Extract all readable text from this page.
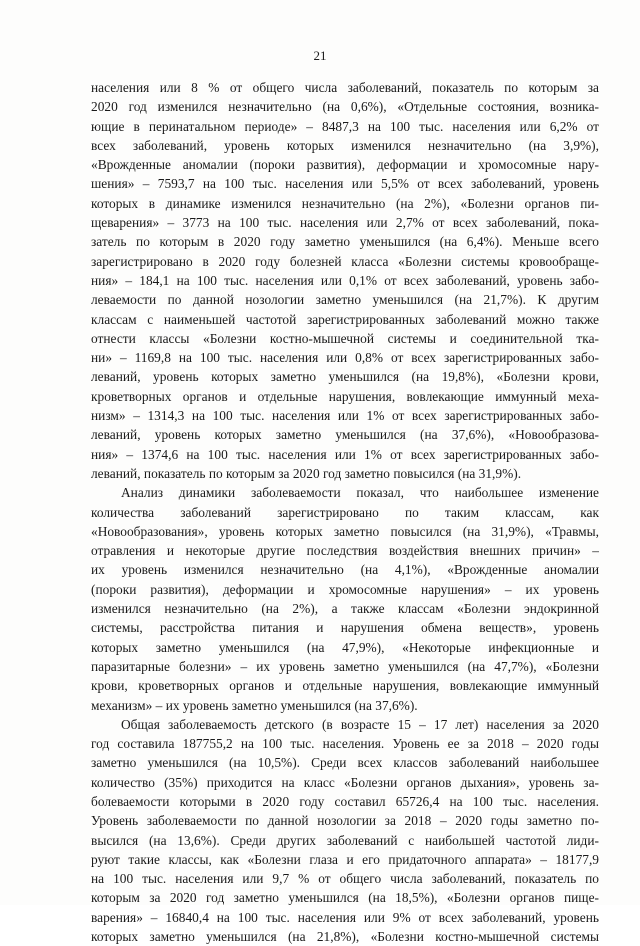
21
населения или 8 % от общего числа заболеваний, показатель по которым за
2020 год изменился незначительно (на 0,6%), «Отдельные состояния, возника-
ющие в перинатальном периоде» – 8487,3 на 100 тыс. населения или 6,2% от
всех заболеваний, уровень которых изменился незначительно (на 3,9%),
«Врожденные аномалии (пороки развития), деформации и хромосомные нару-
шения» – 7593,7 на 100 тыс. населения или 5,5% от всех заболеваний, уровень
которых в динамике изменился незначительно (на 2%), «Болезни органов пи-
щеварения» – 3773 на 100 тыс. населения или 2,7% от всех заболеваний, пока-
затель по которым в 2020 году заметно уменьшился (на 6,4%). Меньше всего
зарегистрировано в 2020 году болезней класса «Болезни системы кровообраще-
ния» – 184,1 на 100 тыс. населения или 0,1% от всех заболеваний, уровень забо-
леваемости по данной нозологии заметно уменьшился (на 21,7%). К другим
классам с наименьшей частотой зарегистрированных заболеваний можно также
отнести классы «Болезни костно-мышечной системы и соединительной тка-
ни» – 1169,8 на 100 тыс. населения или 0,8% от всех зарегистрированных забо-
леваний, уровень которых заметно уменьшился (на 19,8%), «Болезни крови,
кроветворных органов и отдельные нарушения, вовлекающие иммунный меха-
низм» – 1314,3 на 100 тыс. населения или 1% от всех зарегистрированных забо-
леваний, уровень которых заметно уменьшился (на 37,6%), «Новообразова-
ния» – 1374,6 на 100 тыс. населения или 1% от всех зарегистрированных забо-
леваний, показатель по которым за 2020 год заметно повысился (на 31,9%).
Анализ динамики заболеваемости показал, что наибольшее изменение
количества заболеваний зарегистрировано по таким классам, как
«Новообразования», уровень которых заметно повысился (на 31,9%), «Травмы,
отравления и некоторые другие последствия воздействия внешних причин» –
их уровень изменился незначительно (на 4,1%), «Врожденные аномалии
(пороки развития), деформации и хромосомные нарушения» – их уровень
изменился незначительно (на 2%), а также классам «Болезни эндокринной
системы, расстройства питания и нарушения обмена веществ», уровень
которых заметно уменьшился (на 47,9%), «Некоторые инфекционные и
паразитарные болезни» – их уровень заметно уменьшился (на 47,7%), «Болезни
крови, кроветворных органов и отдельные нарушения, вовлекающие иммунный
механизм» – их уровень заметно уменьшился (на 37,6%).
Общая заболеваемость детского (в возрасте 15 – 17 лет) населения за 2020
год составила 187755,2 на 100 тыс. населения. Уровень ее за 2018 – 2020 годы
заметно уменьшился (на 10,5%). Среди всех классов заболеваний наибольшее
количество (35%) приходится на класс «Болезни органов дыхания», уровень за-
болеваемости которыми в 2020 году составил 65726,4 на 100 тыс. населения.
Уровень заболеваемости по данной нозологии за 2018 – 2020 годы заметно по-
высился (на 13,6%). Среди других заболеваний с наибольшей частотой лиди-
руют такие классы, как «Болезни глаза и его придаточного аппарата» – 18177,9
на 100 тыс. населения или 9,7 % от общего числа заболеваний, показатель по
которым за 2020 год заметно уменьшился (на 18,5%), «Болезни органов пище-
варения» – 16840,4 на 100 тыс. населения или 9% от всех заболеваний, уровень
которых заметно уменьшился (на 21,8%), «Болезни костно-мышечной системы
